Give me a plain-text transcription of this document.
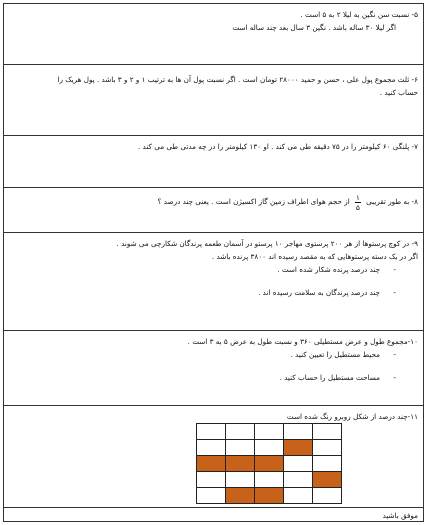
۵- نسبت سن نگین به لیلا ۲ به ۵ است .
اگر لیلا ۳۰ ساله باشد . نگین ۳ سال بعد چند ساله است
۶- ثلث مجموع پول علی ، حسن و حمید ۲۸۰۰۰ تومان است . اگر نسبت پول آن ها به ترتیب ۱ و ۲ و ۳ باشد . پول هریک را
حساب کنید .
۷- پلنگی ۶۰ کیلومتر را در ۷۵ دقیقه طی می کند . او ۱۳۰ کیلومتر را در چه مدتی طی می کند .
۸- به طور تقریبی
$\frac{۱}{۵}$
از حجم هوای اطراف زمین گاز اکسیژن است . یعنی چند درصد ؟
۹- در کوچ پرستوها از هر ۲۰۰ پرستوی مهاجر ۱۰ پرستو در آسمان طعمه پرندگان شکارچی می شوند .
اگر در یک دسته پرستوهایی که به مقصد رسیده اند ۳۸۰۰ پرنده باشد .
-چند درصد پرنده شکار شده است .
-چند درصد پرندگان به سلامت رسیده اند .
۱۰-مجموع طول و عرض مستطیلی ۳۶۰ و نسبت طول به عرض ۵ به ۳ است .
-محیط مستطیل را تعیین کنید .
-مساحت مستطیل را حساب کنید .
۱۱-چند درصد از شکل روبرو رنگ شده است
موفق باشید
